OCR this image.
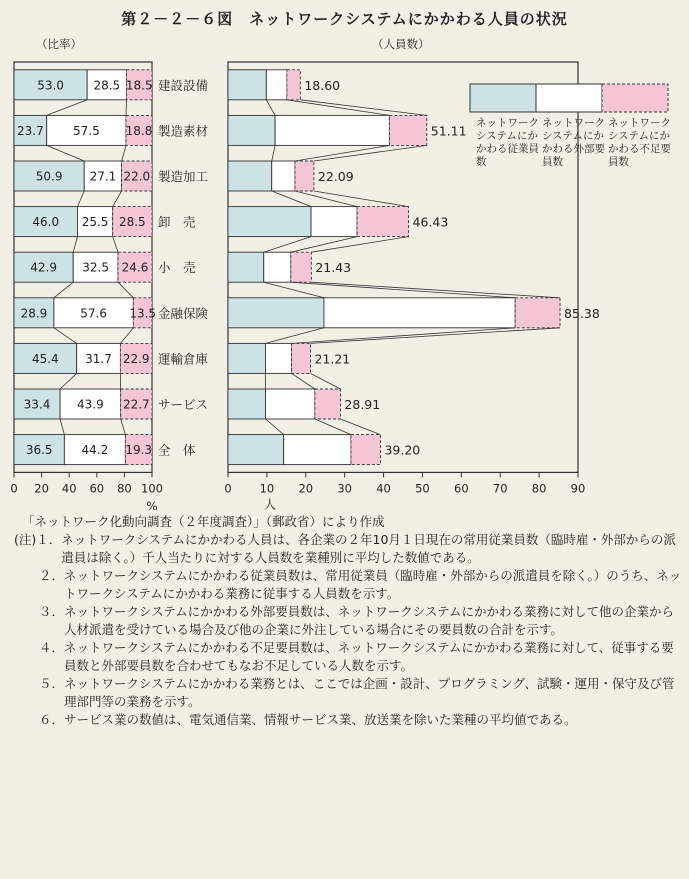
第２－２－６図　ネットワークシステムにかかわる人員の状況
（比率）
53.0 28.5 18.5 建設設備
23.7 57.5 18.8 製造素材
50.9 27.1 22.0 製造加工
46.0 25.5 28.5 卸　売
42.9 32.5 24.6 小　売
28.9	57.6 13.5 金融保険
45.4 31.7 22.9 運輸倉庫
33.4 43.9 22.7 サービス
36.5 44.2 19.3 全　体
0 20 40 60 80 100
%
（人員数）
18.60
51.11
22.09
46.43
21.43
85.38
21.21
28.91
39.20
0 10 20 30 40 50 60 70 80 90
人
ネットワーク
システムにか
かわる従業員
数
ネットワーク
システムにか
かわる外部要
員数
ネットワーク
システムにか
かわる不足要
員数
「ネットワーク化動向調査（２年度調査）」（郵政省）により作成
(注)１． ネットワークシステムにかかわる人員は、各企業の２年10月１日現在の常用従業員数（臨時雇・外部からの派遣員は除く。）千人当たりに対する人員数を業種別に平均した数値である。
　　２． ネットワークシステムにかかわる従業員数は、常用従業員（臨時雇・外部からの派遣員を除く。）のうち、ネットワークシステムにかかわる業務に従事する人員数を示す。
　　３． ネットワークシステムにかかわる外部要員数は、ネットワークシステムにかかわる業務に対して他の企業から人材派遣を受けている場合及び他の企業に外注している場合にその要員数の合計を示す。
　　４． ネットワークシステムにかかわる不足要員数は、ネットワークシステムにかかわる業務に対して、従事する要員数と外部要員数を合わせてもなお不足している人数を示す。
　　５． ネットワークシステムにかかわる業務とは、ここでは企画・設計、プログラミング、試験・運用・保守及び管理部門等の業務を示す。
　　６． サービス業の数値は、電気通信業、情報サービス業、放送業を除いた業種の平均値である。
